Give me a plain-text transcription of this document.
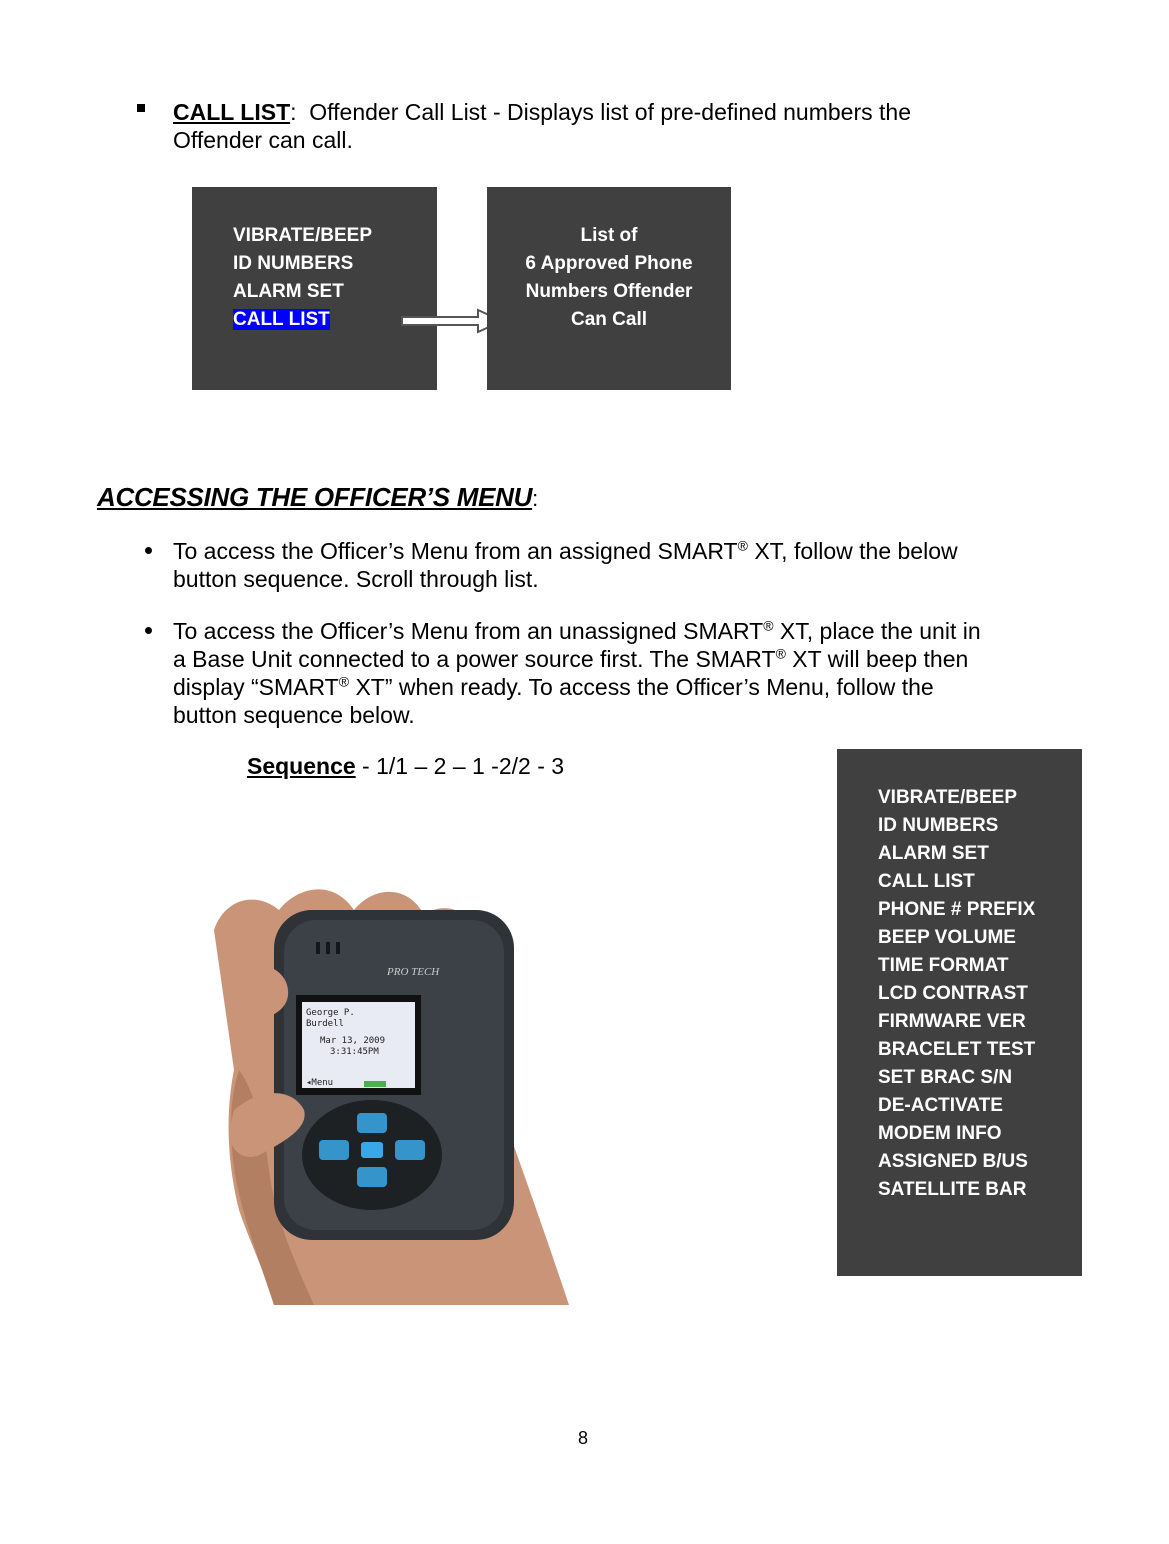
CALL LIST:  Offender Call List - Displays list of pre-defined numbers the
Offender can call.
VIBRATE/BEEP
ID NUMBERS
ALARM SET
CALL LIST
List of
6 Approved Phone
Numbers Offender
Can Call
ACCESSING THE OFFICER’S MENU:
To access the Officer’s Menu from an assigned SMART® XT, follow the below
button sequence. Scroll through list.
To access the Officer’s Menu from an unassigned SMART® XT, place the unit in
a Base Unit connected to a power source first. The SMART® XT will beep then
display “SMART® XT” when ready. To access the Officer’s Menu, follow the
button sequence below.
Sequence - 1/1 – 2 – 1 -2/2 - 3
PRO TECH
George P.
Burdell
Mar 13, 2009
3:31:45PM
◂Menu
VIBRATE/BEEP
ID NUMBERS
ALARM SET
CALL LIST
PHONE # PREFIX
BEEP VOLUME
TIME FORMAT
LCD CONTRAST
FIRMWARE VER
BRACELET TEST
SET BRAC S/N
DE-ACTIVATE
MODEM INFO
ASSIGNED B/US
SATELLITE BAR
8
